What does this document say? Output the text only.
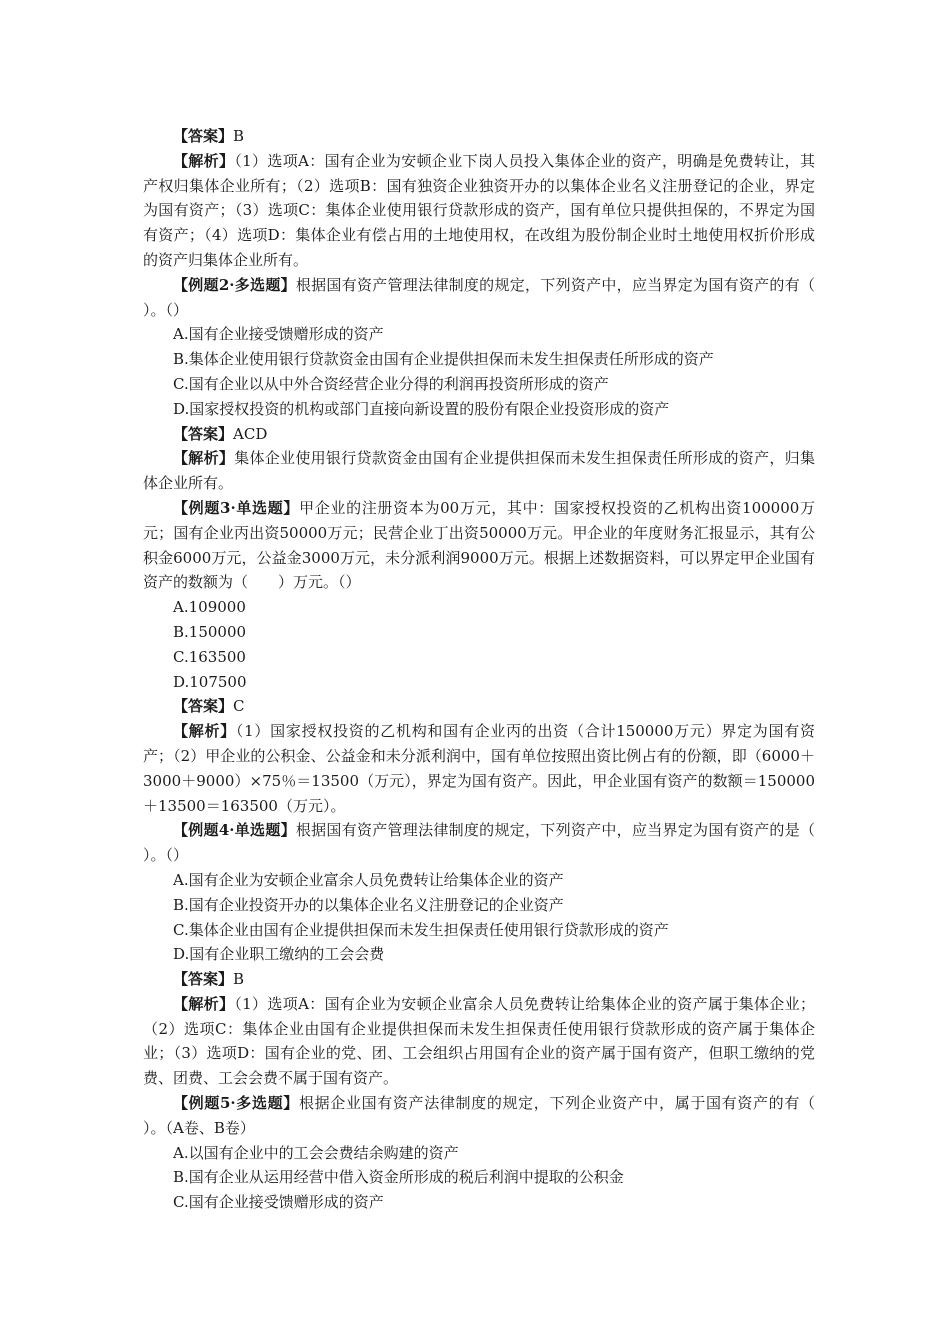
【答案】B

【解析】（1）选项A：国有企业为安顿企业下岗人员投入集体企业的资产，明确是免费转让，其产权归集体企业所有；（2）选项B：国有独资企业独资开办的以集体企业名义注册登记的企业，界定为国有资产；（3）选项C：集体企业使用银行贷款形成的资产，国有单位只提供担保的，不界定为国有资产；（4）选项D：集体企业有偿占用的土地使用权，在改组为股份制企业时土地使用权折价形成的资产归集体企业所有。

【例题2·多选题】根据国有资产管理法律制度的规定，下列资产中，应当界定为国有资产的有（　　）。（）

A.国有企业接受馈赠形成的资产

B.集体企业使用银行贷款资金由国有企业提供担保而未发生担保责任所形成的资产

C.国有企业以从中外合资经营企业分得的利润再投资所形成的资产

D.国家授权投资的机构或部门直接向新设置的股份有限企业投资形成的资产

【答案】ACD

【解析】集体企业使用银行贷款资金由国有企业提供担保而未发生担保责任所形成的资产，归集体企业所有。

【例题3·单选题】甲企业的注册资本为00万元，其中：国家授权投资的乙机构出资100000万元；国有企业丙出资50000万元；民营企业丁出资50000万元。甲企业的年度财务汇报显示，其有公积金6000万元，公益金3000万元，未分派利润9000万元。根据上述数据资料，可以界定甲企业国有资产的数额为（　　）万元。（）

A.109000

B.150000

C.163500

D.107500

【答案】C

【解析】（1）国家授权投资的乙机构和国有企业丙的出资（合计150000万元）界定为国有资产；（2）甲企业的公积金、公益金和未分派利润中，国有单位按照出资比例占有的份额，即（6000＋3000＋9000）×75％＝13500（万元），界定为国有资产。因此，甲企业国有资产的数额＝150000＋13500＝163500（万元）。

【例题4·单选题】根据国有资产管理法律制度的规定，下列资产中，应当界定为国有资产的是（　　）。（）

A.国有企业为安顿企业富余人员免费转让给集体企业的资产

B.国有企业投资开办的以集体企业名义注册登记的企业资产

C.集体企业由国有企业提供担保而未发生担保责任使用银行贷款形成的资产

D.国有企业职工缴纳的工会会费

【答案】B

【解析】（1）选项A：国有企业为安顿企业富余人员免费转让给集体企业的资产属于集体企业；（2）选项C：集体企业由国有企业提供担保而未发生担保责任使用银行贷款形成的资产属于集体企业；（3）选项D：国有企业的党、团、工会组织占用国有企业的资产属于国有资产，但职工缴纳的党费、团费、工会会费不属于国有资产。

【例题5·多选题】根据企业国有资产法律制度的规定，下列企业资产中，属于国有资产的有（　　）。（A卷、B卷）

A.以国有企业中的工会会费结余购建的资产

B.国有企业从运用经营中借入资金所形成的税后利润中提取的公积金

C.国有企业接受馈赠形成的资产
